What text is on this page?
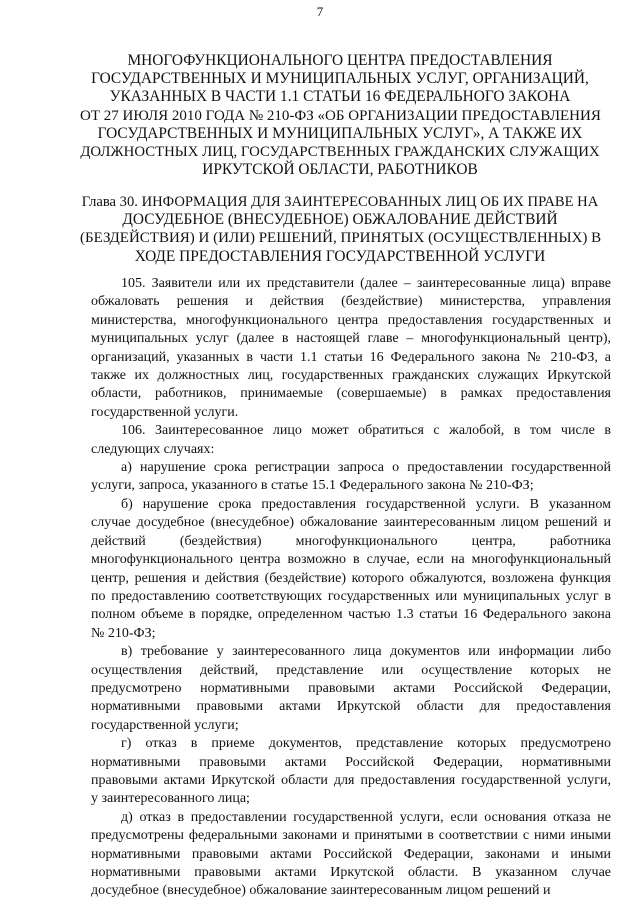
7
МНОГОФУНКЦИОНАЛЬНОГО ЦЕНТРА ПРЕДОСТАВЛЕНИЯ
ГОСУДАРСТВЕННЫХ И МУНИЦИПАЛЬНЫХ УСЛУГ, ОРГАНИЗАЦИЙ,
УКАЗАННЫХ В ЧАСТИ 1.1 СТАТЬИ 16 ФЕДЕРАЛЬНОГО ЗАКОНА
ОТ 27 ИЮЛЯ 2010 ГОДА № 210-ФЗ «ОБ ОРГАНИЗАЦИИ ПРЕДОСТАВЛЕНИЯ
ГОСУДАРСТВЕННЫХ И МУНИЦИПАЛЬНЫХ УСЛУГ», А ТАКЖЕ ИХ
ДОЛЖНОСТНЫХ ЛИЦ, ГОСУДАРСТВЕННЫХ ГРАЖДАНСКИХ СЛУЖАЩИХ
ИРКУТСКОЙ ОБЛАСТИ, РАБОТНИКОВ
Глава 30. ИНФОРМАЦИЯ ДЛЯ ЗАИНТЕРЕСОВАННЫХ ЛИЦ ОБ ИХ ПРАВЕ НА
ДОСУДЕБНОЕ (ВНЕСУДЕБНОЕ) ОБЖАЛОВАНИЕ ДЕЙСТВИЙ
(БЕЗДЕЙСТВИЯ) И (ИЛИ) РЕШЕНИЙ, ПРИНЯТЫХ (ОСУЩЕСТВЛЕННЫХ) В
ХОДЕ ПРЕДОСТАВЛЕНИЯ ГОСУДАРСТВЕННОЙ УСЛУГИ
105. Заявители или их представители (далее – заинтересованные лица) вправе
обжаловать решения и действия (бездействие) министерства, управления
министерства, многофункционального центра предоставления государственных и
муниципальных услуг (далее в настоящей главе – многофункциональный центр),
организаций, указанных в части 1.1 статьи 16 Федерального закона № 210-ФЗ, а
также их должностных лиц, государственных гражданских служащих Иркутской
области, работников, принимаемые (совершаемые) в рамках предоставления
государственной услуги.
106. Заинтересованное лицо может обратиться с жалобой, в том числе в
следующих случаях:
а) нарушение срока регистрации запроса о предоставлении государственной
услуги, запроса, указанного в статье 15.1 Федерального закона № 210-ФЗ;
б) нарушение срока предоставления государственной услуги. В указанном
случае досудебное (внесудебное) обжалование заинтересованным лицом решений и
действий (бездействия) многофункционального центра, работника
многофункционального центра возможно в случае, если на многофункциональный
центр, решения и действия (бездействие) которого обжалуются, возложена функция
по предоставлению соответствующих государственных или муниципальных услуг в
полном объеме в порядке, определенном частью 1.3 статьи 16 Федерального закона
№ 210-ФЗ;
в) требование у заинтересованного лица документов или информации либо
осуществления действий, представление или осуществление которых не
предусмотрено нормативными правовыми актами Российской Федерации,
нормативными правовыми актами Иркутской области для предоставления
государственной услуги;
г) отказ в приеме документов, представление которых предусмотрено
нормативными правовыми актами Российской Федерации, нормативными
правовыми актами Иркутской области для предоставления государственной услуги,
у заинтересованного лица;
д) отказ в предоставлении государственной услуги, если основания отказа не
предусмотрены федеральными законами и принятыми в соответствии с ними иными
нормативными правовыми актами Российской Федерации, законами и иными
нормативными правовыми актами Иркутской области. В указанном случае
досудебное (внесудебное) обжалование заинтересованным лицом решений и
